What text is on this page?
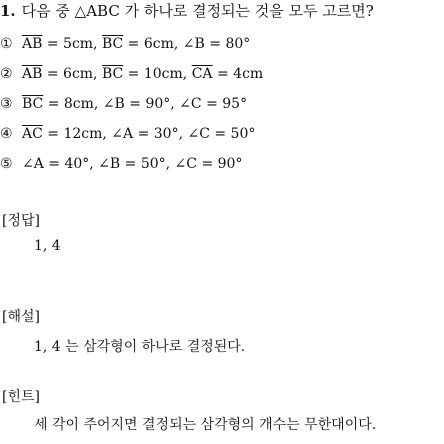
1. 다음 중 △ABC 가 하나로 결정되는 것을 모두 고르면?
① $\overline{AB} = 5cm$, $\overline{BC} = 6cm$, ∠B = 80°
② $\overline{AB} = 6cm$, $\overline{BC} = 10cm$, $\overline{CA} = 4cm$
③ $\overline{BC} = 8cm$, ∠B = 90°, ∠C = 95°
④ $\overline{AC} = 12cm$, ∠A = 30°, ∠C = 50°
⑤ ∠A = 40°, ∠B = 50°, ∠C = 90°
[정답]
1, 4
[해설]
1, 4 는 삼각형이 하나로 결정된다.
[힌트]
세 각이 주어지면 결정되는 삼각형의 개수는 무한대이다.
